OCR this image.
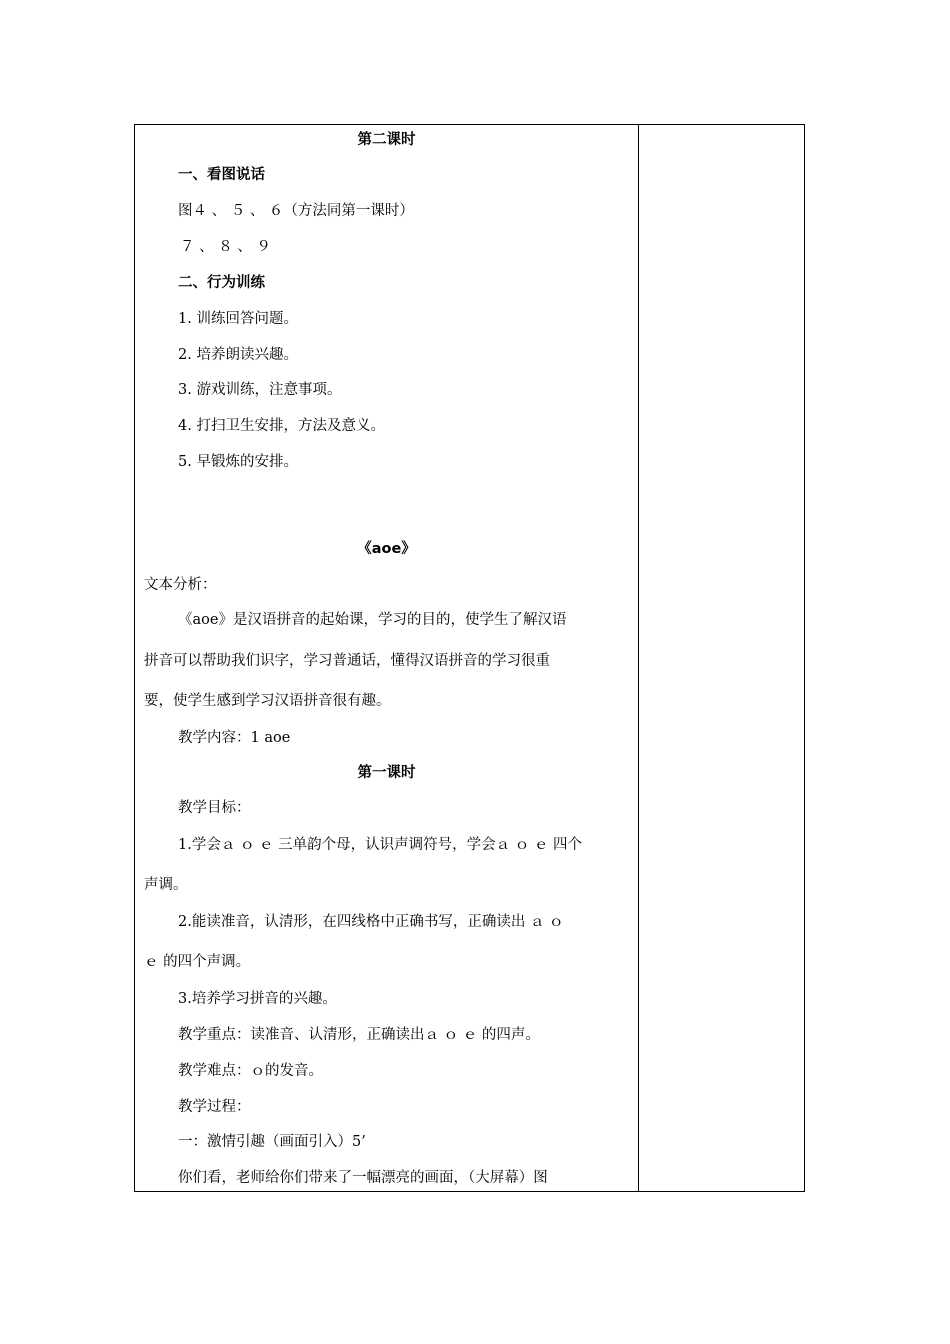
第二课时
一、看图说话
图４ 、 ５ 、 ６（方法同第一课时）
７ 、 ８ 、 ９
二、行为训练
1. 训练回答问题。
2. 培养朗读兴趣。
3. 游戏训练，注意事项。
4. 打扫卫生安排，方法及意义。
5. 早锻炼的安排。
《aoe》
文本分析：
《aoe》是汉语拼音的起始课，学习的目的，使学生了解汉语
拼音可以帮助我们识字，学习普通话，懂得汉语拼音的学习很重
要，使学生感到学习汉语拼音很有趣。
教学内容：1 aoe
第一课时
教学目标：
1.学会ａ ｏ ｅ 三单韵个母，认识声调符号，学会ａ ｏ ｅ 四个
声调。
2.能读准音，认清形，在四线格中正确书写，正确读出 ａ ｏ
ｅ 的四个声调。
3.培养学习拼音的兴趣。
教学重点：读准音、认清形，正确读出ａ ｏ ｅ 的四声。
教学难点：ｏ的发音。
教学过程：
一：激情引趣（画面引入）5’
你们看，老师给你们带来了一幅漂亮的画面，（大屏幕）图
